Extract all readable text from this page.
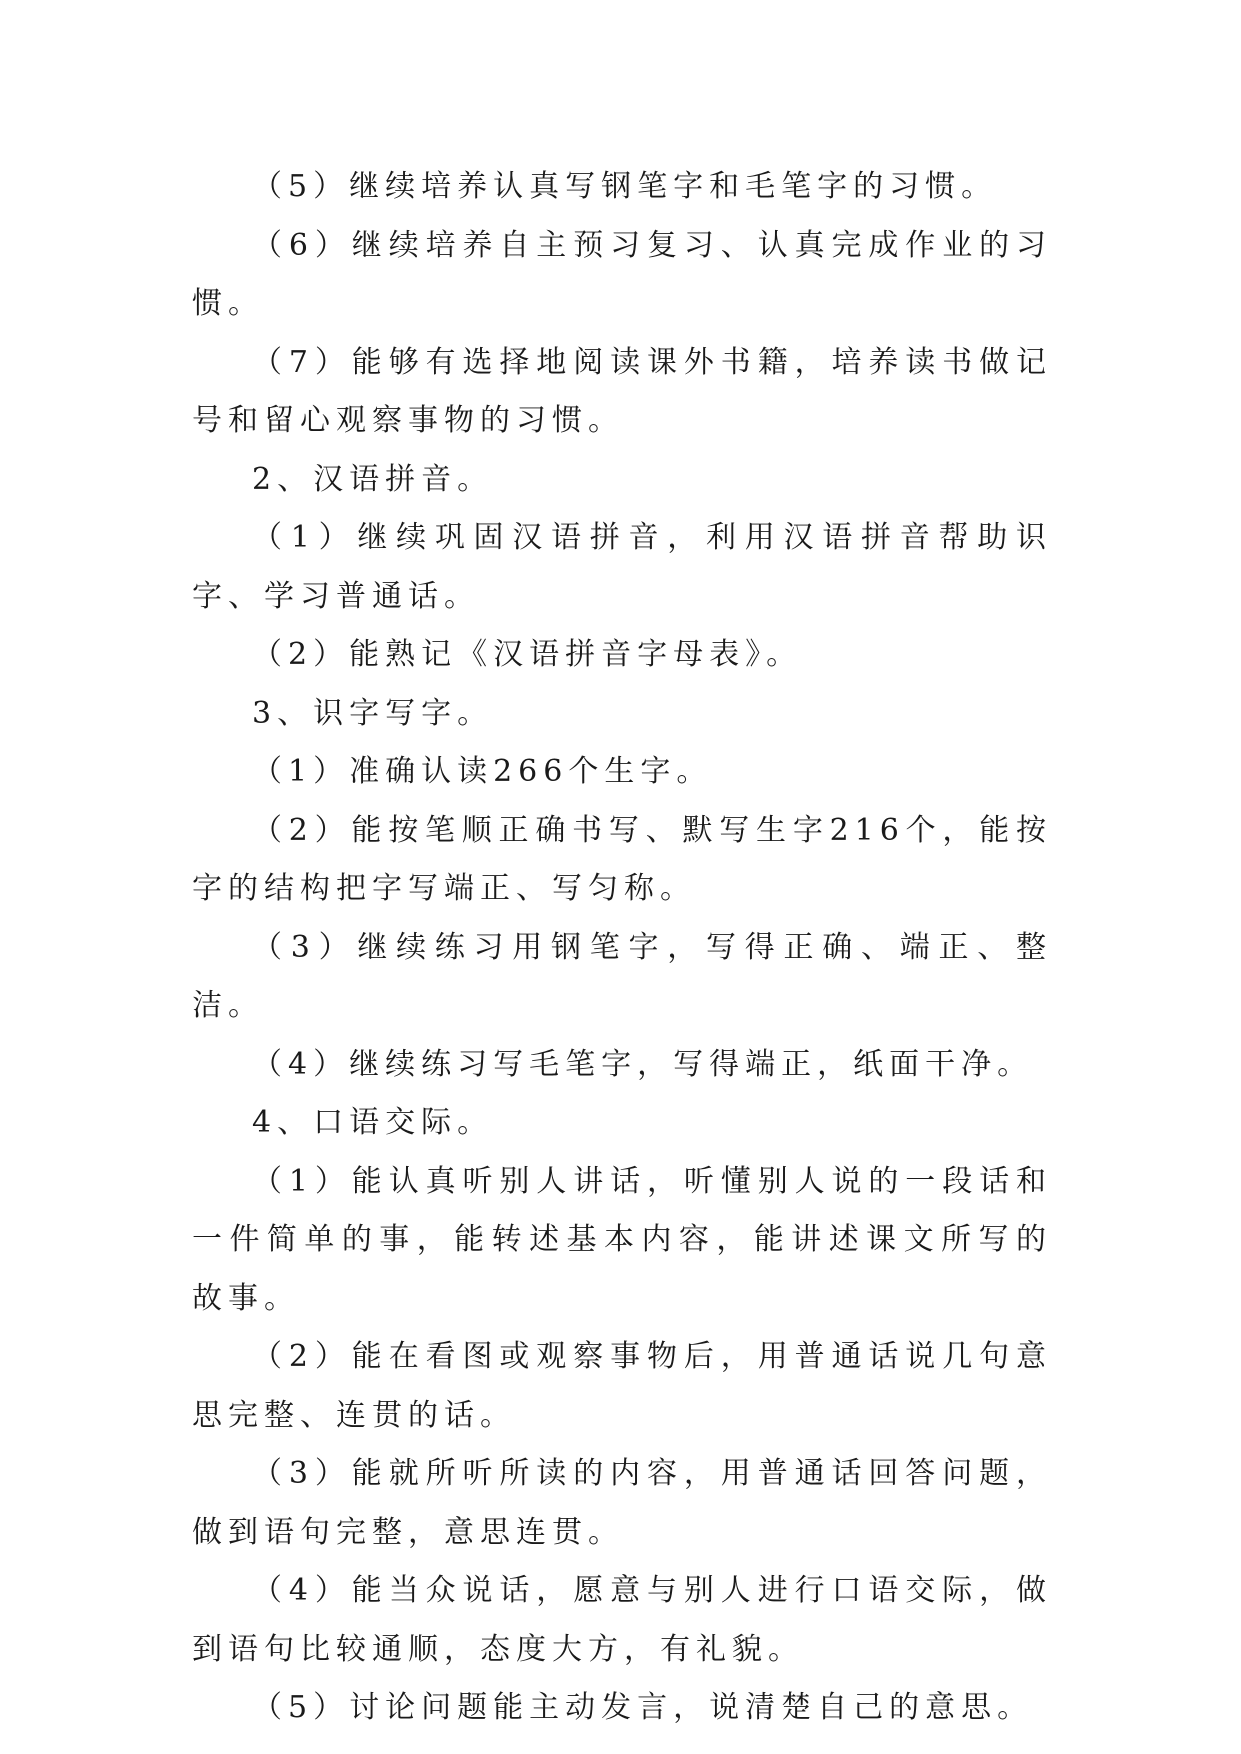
（5）继续培养认真写钢笔字和毛笔字的习惯。

（6）继续培养自主预习复习、认真完成作业的习惯。

（7）能够有选择地阅读课外书籍，培养读书做记号和留心观察事物的习惯。

2、汉语拼音。

（1）继续巩固汉语拼音，利用汉语拼音帮助识字、学习普通话。

（2）能熟记《汉语拼音字母表》。

3、识字写字。

（1）准确认读266个生字。

（2）能按笔顺正确书写、默写生字216个，能按字的结构把字写端正、写匀称。

（3）继续练习用钢笔字，写得正确、端正、整洁。

（4）继续练习写毛笔字，写得端正，纸面干净。

4、口语交际。

（1）能认真听别人讲话，听懂别人说的一段话和一件简单的事，能转述基本内容，能讲述课文所写的故事。

（2）能在看图或观察事物后，用普通话说几句意思完整、连贯的话。

（3）能就所听所读的内容，用普通话回答问题，做到语句完整，意思连贯。

（4）能当众说话，愿意与别人进行口语交际，做到语句比较通顺，态度大方，有礼貌。

（5）讨论问题能主动发言，说清楚自己的意思。
